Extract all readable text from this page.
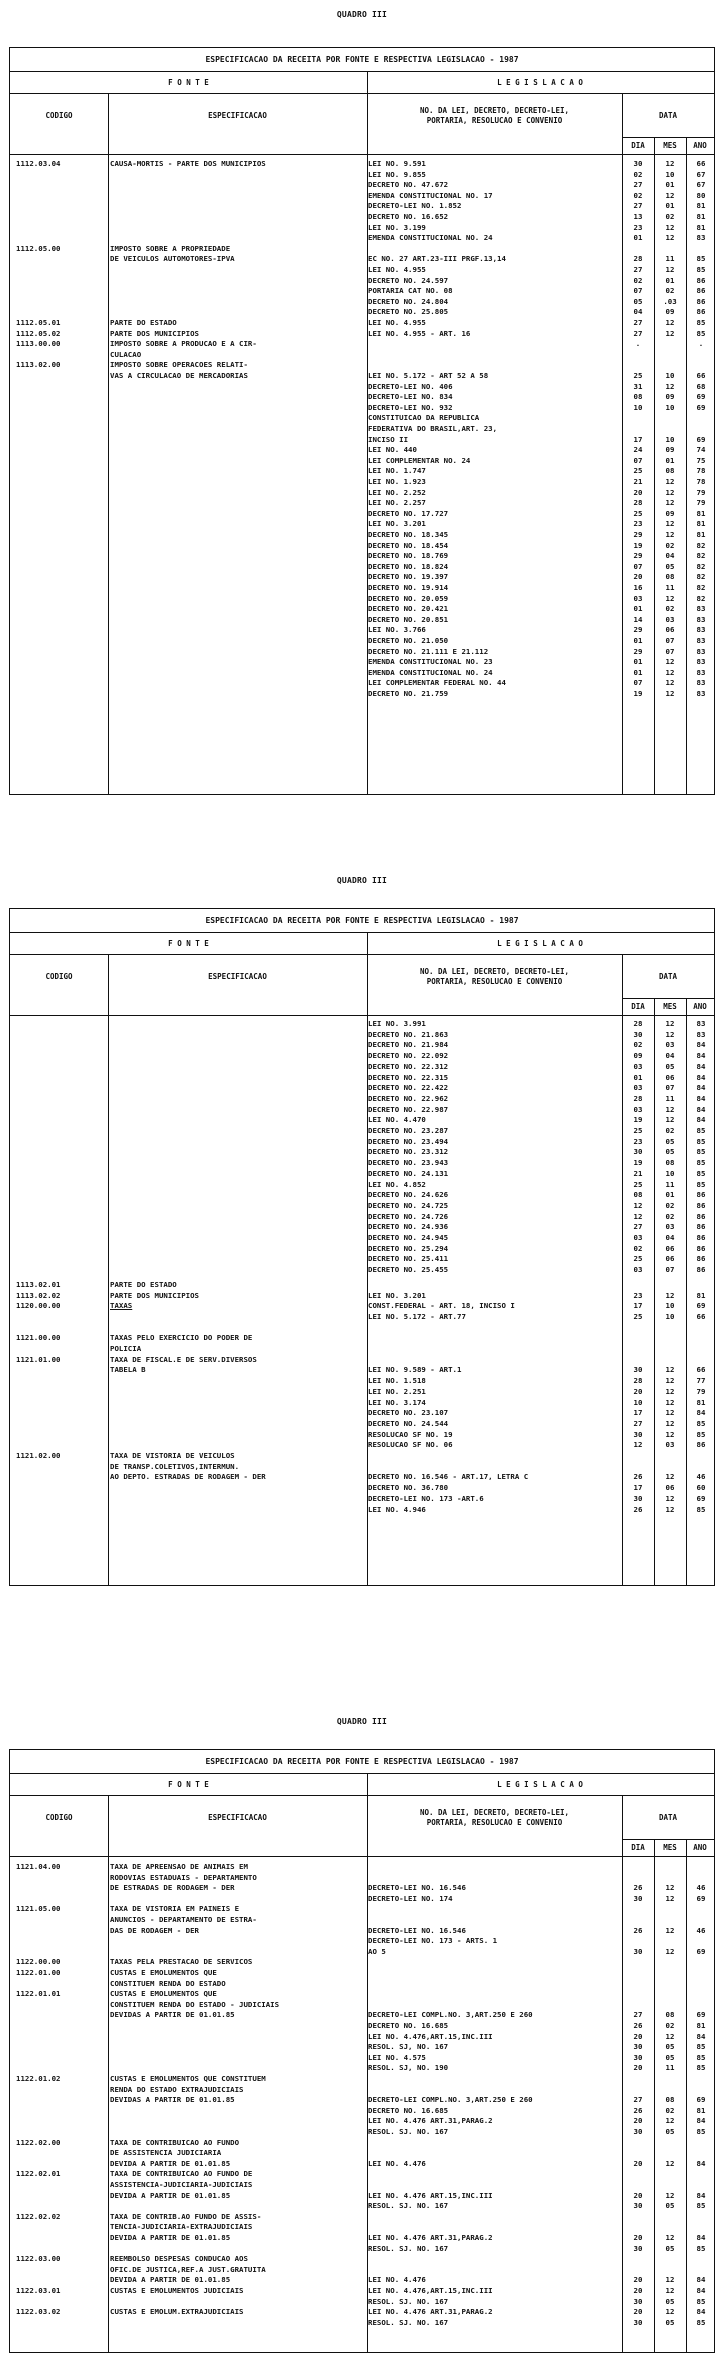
QUADRO III
ESPECIFICACAO DA RECEITA POR FONTE E RESPECTIVA LEGISLACAO - 1987
F O N T E	L E G I S L A C A O
CODIGO	ESPECIFICACAO
NO. DA LEI, DECRETO, DECRETO-LEI,
PORTARIA, RESOLUCAO E CONVENIO
DATA
DIA	MES	ANO
1112.03.04	CAUSA-MORTIS - PARTE DOS MUNICIPIOS	LEI NO. 9.591	30	12	66
LEI NO. 9.855	02	10	67
DECRETO NO. 47.672	27	01	67
EMENDA CONSTITUCIONAL NO. 17	02	12	80
DECRETO-LEI NO. 1.852	27	01	81
DECRETO NO. 16.652	13	02	81
LEI NO. 3.199	23	12	81
EMENDA CONSTITUCIONAL NO. 24	01	12	83
1112.05.00	IMPOSTO SOBRE A PROPRIEDADE
DE VEICULOS AUTOMOTORES-IPVA	EC NO. 27 ART.23-III PRGF.13,14	28	11	85
LEI NO. 4.955	27	12	85
DECRETO NO. 24.597	02	01	86
PORTARIA CAT NO. 08	07	02	86
DECRETO NO. 24.804	05	.03	86
DECRETO NO. 25.805	04	09	86
1112.05.01	PARTE DO ESTADO	LEI NO. 4.955	27	12	85
1112.05.02	PARTE DOS MUNICIPIOS	LEI NO. 4.955 - ART. 16	27	12	85
1113.00.00	IMPOSTO SOBRE A PRODUCAO E A CIR-	.	.
CULACAO
1113.02.00	IMPOSTO SOBRE OPERACOES RELATI-
VAS A CIRCULACAO DE MERCADORIAS	LEI NO. 5.172 - ART 52 A 58	25	10	66
DECRETO-LEI NO. 406	31	12	68
DECRETO-LEI NO. 834	08	09	69
DECRETO-LEI NO. 932	10	10	69
CONSTITUICAO DA REPUBLICA
FEDERATIVA DO BRASIL,ART. 23,
INCISO II	17	10	69
LEI NO. 440	24	09	74
LEI COMPLEMENTAR NO. 24	07	01	75
LEI NO. 1.747	25	08	78
LEI NO. 1.923	21	12	78
LEI NO. 2.252	20	12	79
LEI NO. 2.257	28	12	79
DECRETO NO. 17.727	25	09	81
LEI NO. 3.201	23	12	81
DECRETO NO. 18.345	29	12	81
DECRETO NO. 18.454	19	02	82
DECRETO NO. 18.769	29	04	82
DECRETO NO. 18.824	07	05	82
DECRETO NO. 19.397	20	08	82
DECRETO NO. 19.914	16	11	82
DECRETO NO. 20.059	03	12	82
DECRETO NO. 20.421	01	02	83
DECRETO NO. 20.851	14	03	83
LEI NO. 3.766	29	06	83
DECRETO NO. 21.050	01	07	83
DECRETO NO. 21.111 E 21.112	29	07	83
EMENDA CONSTITUCIONAL NO. 23	01	12	83
EMENDA CONSTITUCIONAL NO. 24	01	12	83
LEI COMPLEMENTAR FEDERAL NO. 44	07	12	83
DECRETO NO. 21.759	19	12	83
QUADRO III
ESPECIFICACAO DA RECEITA POR FONTE E RESPECTIVA LEGISLACAO - 1987
F O N T E	L E G I S L A C A O
CODIGO	ESPECIFICACAO
NO. DA LEI, DECRETO, DECRETO-LEI,
PORTARIA, RESOLUCAO E CONVENIO
DATA
DIA	MES	ANO
LEI NO. 3.991	28	12	83
DECRETO NO. 21.863	30	12	83
DECRETO NO. 21.984	02	03	84
DECRETO NO. 22.092	09	04	84
DECRETO NO. 22.312	03	05	84
DECRETO NO. 22.315	01	06	84
DECRETO NO. 22.422	03	07	84
DECRETO NO. 22.962	28	11	84
DECRETO NO. 22.987	03	12	84
LEI NO. 4.470	19	12	84
DECRETO NO. 23.287	25	02	85
DECRETO NO. 23.494	23	05	85
DECRETO NO. 23.312	30	05	85
DECRETO NO. 23.943	19	08	85
DECRETO NO. 24.131	21	10	85
LEI NO. 4.852	25	11	85
DECRETO NO. 24.626	08	01	86
DECRETO NO. 24.725	12	02	86
DECRETO NO. 24.726	12	02	86
DECRETO NO. 24.936	27	03	86
DECRETO NO. 24.945	03	04	86
DECRETO NO. 25.294	02	06	86
DECRETO NO. 25.411	25	06	86
DECRETO NO. 25.455	03	07	86
1113.02.01	PARTE DO ESTADO
1113.02.02	PARTE DOS MUNICIPIOS	LEI NO. 3.201	23	12	81
1120.00.00	TAXAS	CONST.FEDERAL - ART. 18, INCISO I	17	10	69
LEI NO. 5.172 - ART.77	25	10	66
1121.00.00	TAXAS PELO EXERCICIO DO PODER DE
POLICIA
1121.01.00	TAXA DE FISCAL.E DE SERV.DIVERSOS
TABELA B	LEI NO. 9.589 - ART.1	30	12	66
LEI NO. 1.518	28	12	77
LEI NO. 2.251	20	12	79
LEI NO. 3.174	10	12	81
DECRETO NO. 23.107	17	12	84
DECRETO NO. 24.544	27	12	85
RESOLUCAO SF NO. 19	30	12	85
RESOLUCAO SF NO. 06	12	03	86
1121.02.00	TAXA DE VISTORIA DE VEICULOS
DE TRANSP.COLETIVOS,INTERMUN.
AO DEPTO. ESTRADAS DE RODAGEM - DER	DECRETO NO. 16.546 - ART.17, LETRA C	26	12	46
DECRETO NO. 36.780	17	06	60
DECRETO-LEI NO. 173 -ART.6	30	12	69
LEI NO. 4.946	26	12	85
QUADRO III
ESPECIFICACAO DA RECEITA POR FONTE E RESPECTIVA LEGISLACAO - 1987
F O N T E	L E G I S L A C A O
CODIGO	ESPECIFICACAO
NO. DA LEI, DECRETO, DECRETO-LEI,
PORTARIA, RESOLUCAO E CONVENIO
DATA
DIA	MES	ANO
1121.04.00	TAXA DE APREENSAO DE ANIMAIS EM
RODOVIAS ESTADUAIS - DEPARTAMENTO
DE ESTRADAS DE RODAGEM - DER	DECRETO-LEI NO. 16.546	26	12	46
DECRETO-LEI NO. 174	30	12	69
1121.05.00	TAXA DE VISTORIA EM PAINEIS E
ANUNCIOS - DEPARTAMENTO DE ESTRA-
DAS DE RODAGEM - DER	DECRETO-LEI NO. 16.546	26	12	46
DECRETO-LEI NO. 173 - ARTS. 1
AO 5	30	12	69
1122.00.00	TAXAS PELA PRESTACAO DE SERVICOS
1122.01.00	CUSTAS E EMOLUMENTOS QUE
CONSTITUEM RENDA DO ESTADO
1122.01.01	CUSTAS E EMOLUMENTOS QUE
CONSTITUEM RENDA DO ESTADO - JUDICIAIS
DEVIDAS A PARTIR DE 01.01.85	DECRETO-LEI COMPL.NO. 3,ART.250 E 260	27	08	69
DECRETO NO. 16.685	26	02	81
LEI NO. 4.476,ART.15,INC.III	20	12	84
RESOL. SJ, NO. 167	30	05	85
LEI NO. 4.575	30	05	85
RESOL. SJ, NO. 190	20	11	85
1122.01.02	CUSTAS E EMOLUMENTOS QUE CONSTITUEM
RENDA DO ESTADO EXTRAJUDICIAIS
DEVIDAS A PARTIR DE 01.01.85	DECRETO-LEI COMPL.NO. 3,ART.250 E 260	27	08	69
DECRETO NO. 16.685	26	02	81
LEI NO. 4.476 ART.31,PARAG.2	20	12	84
RESOL. SJ. NO. 167	30	05	85
1122.02.00	TAXA DE CONTRIBUICAO AO FUNDO
DE ASSISTENCIA JUDICIARIA
DEVIDA A PARTIR DE 01.01.85	LEI NO. 4.476	20	12	84
1122.02.01	TAXA DE CONTRIBUICAO AO FUNDO DE
ASSISTENCIA-JUDICIARIA-JUDICIAIS
DEVIDA A PARTIR DE 01.01.85	LEI NO. 4.476 ART.15,INC.III	20	12	84
RESOL. SJ. NO. 167	30	05	85
1122.02.02	TAXA DE CONTRIB.AO FUNDO DE ASSIS-
TENCIA-JUDICIARIA-EXTRAJUDICIAIS
DEVIDA A PARTIR DE 01.01.85	LEI NO. 4.476 ART.31,PARAG.2	20	12	84
RESOL. SJ. NO. 167	30	05	85
1122.03.00	REEMBOLSO DESPESAS CONDUCAO AOS
OFIC.DE JUSTICA,REF.A JUST.GRATUITA
DEVIDA A PARTIR DE 01.01.85	LEI NO. 4.476	20	12	84
1122.03.01	CUSTAS E EMOLUMENTOS JUDICIAIS	LEI NO. 4.476,ART.15,INC.III	20	12	84
RESOL. SJ. NO. 167	30	05	85
1122.03.02	CUSTAS E EMOLUM.EXTRAJUDICIAIS	LEI NO. 4.476 ART.31,PARAG.2	20	12	84
RESOL. SJ. NO. 167	30	05	85
